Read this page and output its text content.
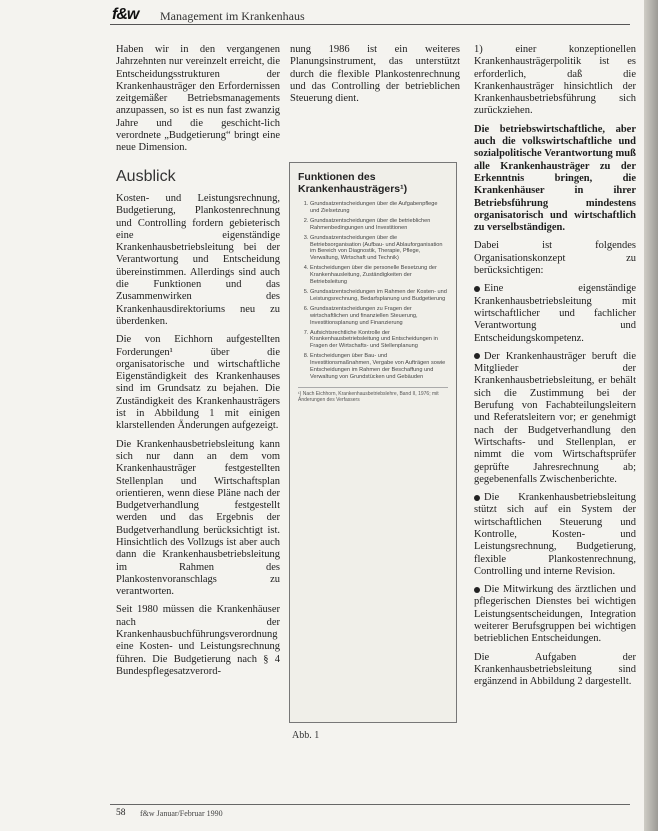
f&w Management im Krankenhaus

Haben wir in den vergangenen Jahrzehnten nur vereinzelt erreicht, die Entscheidungsstrukturen der Krankenhausträger den Erfordernissen zeitgemäßer Betriebsmanagements anzupassen, so ist es nun fast zwanzig Jahre und die geschicht-lich verordnete „Budgetierung“ bringt eine neue Dimension.

Ausblick

Kosten- und Leistungsrechnung, Budgetierung, Plankostenrechnung und Controlling fordern gebieterisch eine eigenständige Krankenhausbetriebsleitung bei der Verantwortung und Entscheidung übereinstimmen. Allerdings sind auch die Funktionen und das Zusammenwirken des Krankenhausdirektoriums neu zu überdenken.

Die von Eichhorn aufgestellten Forderungen¹ über die organisatorische und wirtschaftliche Eigenständigkeit des Krankenhauses sind im Grundsatz zu bejahen. Die Zuständigkeit des Krankenhausträgers ist in Abbildung 1 mit einigen klarstellenden Änderungen aufgezeigt.

Die Krankenhausbetriebsleitung kann sich nur dann an dem vom Krankenhausträger festgestellten Stellenplan und Wirtschaftsplan orientieren, wenn diese Pläne nach der Budgetverhandlung festgestellt werden und das Ergebnis der Budgetverhandlung berücksichtigt ist. Hinsichtlich des Vollzugs ist aber auch dann die Krankenhausbetriebsleitung im Rahmen des Plankostenvoranschlags zu verantworten.

Seit 1980 müssen die Krankenhäuser nach der Krankenhausbuchführungsverordnung eine Kosten- und Leistungsrechnung führen. Die Budgetierung nach § 4 Bundespflegesatzverord-

nung 1986 ist ein weiteres Planungsinstrument, das unterstützt durch die flexible Plankostenrechnung und das Controlling der betrieblichen Steuerung dient.

Funktionen des Krankenhausträgers¹)
1. Grundsatzentscheidungen über die Aufgabenpflege und Zielsetzung
2. Grundsatzentscheidungen über die betrieblichen Rahmenbedingungen und Investitionen
3. Grundsatzentscheidungen über die Betriebsorganisation (Aufbau- und Ablauforganisation im Bereich von Diagnostik, Therapie, Pflege, Verwaltung, Wirtschaft und Technik)
4. Entscheidungen über die personelle Besetzung der Krankenhausleitung, Zuständigkeiten der Betriebsleitung
5. Grundsatzentscheidungen im Rahmen der Kosten- und Leistungsrechnung, Bedarfsplanung und Budgetierung
6. Grundsatzentscheidungen zu Fragen der wirtschaftlichen und finanziellen Steuerung, Investitionsplanung und Finanzierung
7. Aufsichtsrechtliche Kontrolle der Krankenhausbetriebsleitung und Entscheidungen in Fragen der Wirtschafts- und Stellenplanung
8. Entscheidungen über Bau- und Investitionsmaßnahmen, Vergabe von Aufträgen sowie Entscheidungen im Rahmen der Beschaffung und Verwaltung von Grundstücken und Gebäuden
¹) Nach Eichhorn, Krankenhausbetriebslehre, Band II, 1976; mit Änderungen des Verfassers
Abb. 1

1) einer konzeptionellen Krankenhausträgerpolitik ist es erforderlich, daß die Krankenhausträger hinsichtlich der Krankenhausbetriebsführung sich zurückziehen.

Die betriebswirtschaftliche, aber auch die volkswirtschaftliche und sozialpolitische Verantwortung muß alle Krankenhausträger zu der Erkenntnis bringen, die Krankenhäuser in ihrer Betriebsführung mindestens organisatorisch und wirtschaftlich zu verselbständigen.

Dabei ist folgendes Organisationskonzept zu berücksichtigen:

Eine eigenständige Krankenhausbetriebsleitung mit wirtschaftlicher und fachlicher Verantwortung und Entscheidungskompetenz.
Der Krankenhausträger beruft die Mitglieder der Krankenhausbetriebsleitung, er behält sich die Zustimmung bei der Berufung von Fachabteilungsleitern und Referatsleitern vor; er genehmigt nach der Budgetverhandlung den Wirtschafts- und Stellenplan, er nimmt die vom Wirtschaftsprüfer geprüfte Jahresrechnung ab; gegebenenfalls Zwischenberichte.
Die Krankenhausbetriebsleitung stützt sich auf ein System der wirtschaftlichen Steuerung und Kontrolle, Kosten- und Leistungsrechnung, Budgetierung, flexible Plankostenrechnung, Controlling und interne Revision.
Die Mitwirkung des ärztlichen und pflegerischen Dienstes bei wichtigen Leistungsentscheidungen, Integration weiterer Berufsgruppen bei wichtigen betrieblichen Entscheidungen.

Die Aufgaben der Krankenhausbetriebsleitung sind ergänzend in Abbildung 2 dargestellt.

58 f&w Januar/Februar 1990
